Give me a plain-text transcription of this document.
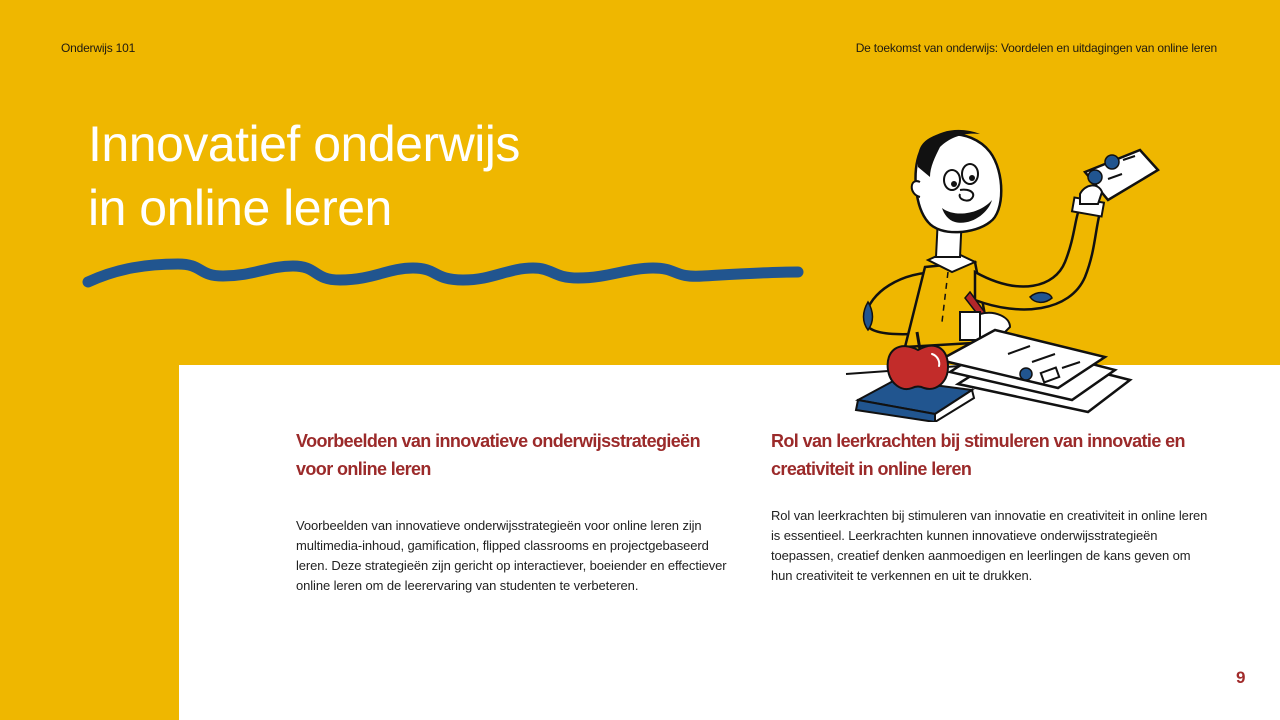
Onderwijs 101	De toekomst van onderwijs: Voordelen en uitdagingen van online leren
Innovatief onderwijs
in online leren
Voorbeelden van innovatieve onderwijsstrategieën voor online leren

Voorbeelden van innovatieve onderwijsstrategieën voor online leren zijn multimedia-inhoud, gamification, flipped classrooms en projectgebaseerd leren. Deze strategieën zijn gericht op interactiever, boeiender en effectiever online leren om de leerervaring van studenten te verbeteren.

Rol van leerkrachten bij stimuleren van innovatie en creativiteit in online leren

Rol van leerkrachten bij stimuleren van innovatie en creativiteit in online leren is essentieel. Leerkrachten kunnen innovatieve onderwijsstrategieën toepassen, creatief denken aanmoedigen en leerlingen de kans geven om hun creativiteit te verkennen en uit te drukken.

9
